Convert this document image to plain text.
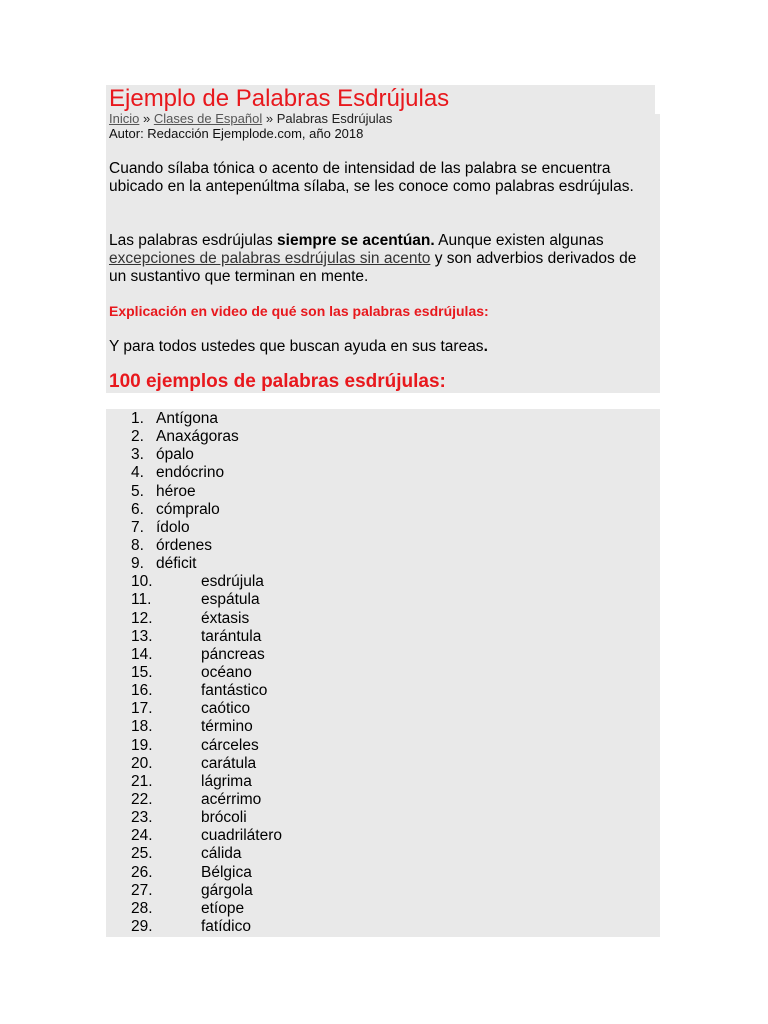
Ejemplo de Palabras Esdrújulas
Inicio » Clases de Español » Palabras Esdrújulas
Autor: Redacción Ejemplode.com, año 2018

Cuando sílaba tónica o acento de intensidad de las palabra se encuentra ubicado en la antepenúltma sílaba, se les conoce como palabras esdrújulas.

Las palabras esdrújulas siempre se acentúan. Aunque existen algunas excepciones de palabras esdrújulas sin acento y son adverbios derivados de un sustantivo que terminan en mente.

Explicación en video de qué son las palabras esdrújulas:

Y para todos ustedes que buscan ayuda en sus tareas.

100 ejemplos de palabras esdrújulas:
1. Antígona
2. Anaxágoras
3. ópalo
4. endócrino
5. héroe
6. cómpralo
7. ídolo
8. órdenes
9. déficit
10.	esdrújula
11.	espátula
12.	éxtasis
13.	tarántula
14.	páncreas
15.	océano
16.	fantástico
17.	caótico
18.	término
19.	cárceles
20.	carátula
21.	lágrima
22.	acérrimo
23.	brócoli
24.	cuadrilátero
25.	cálida
26.	Bélgica
27.	gárgola
28.	etíope
29.	fatídico
